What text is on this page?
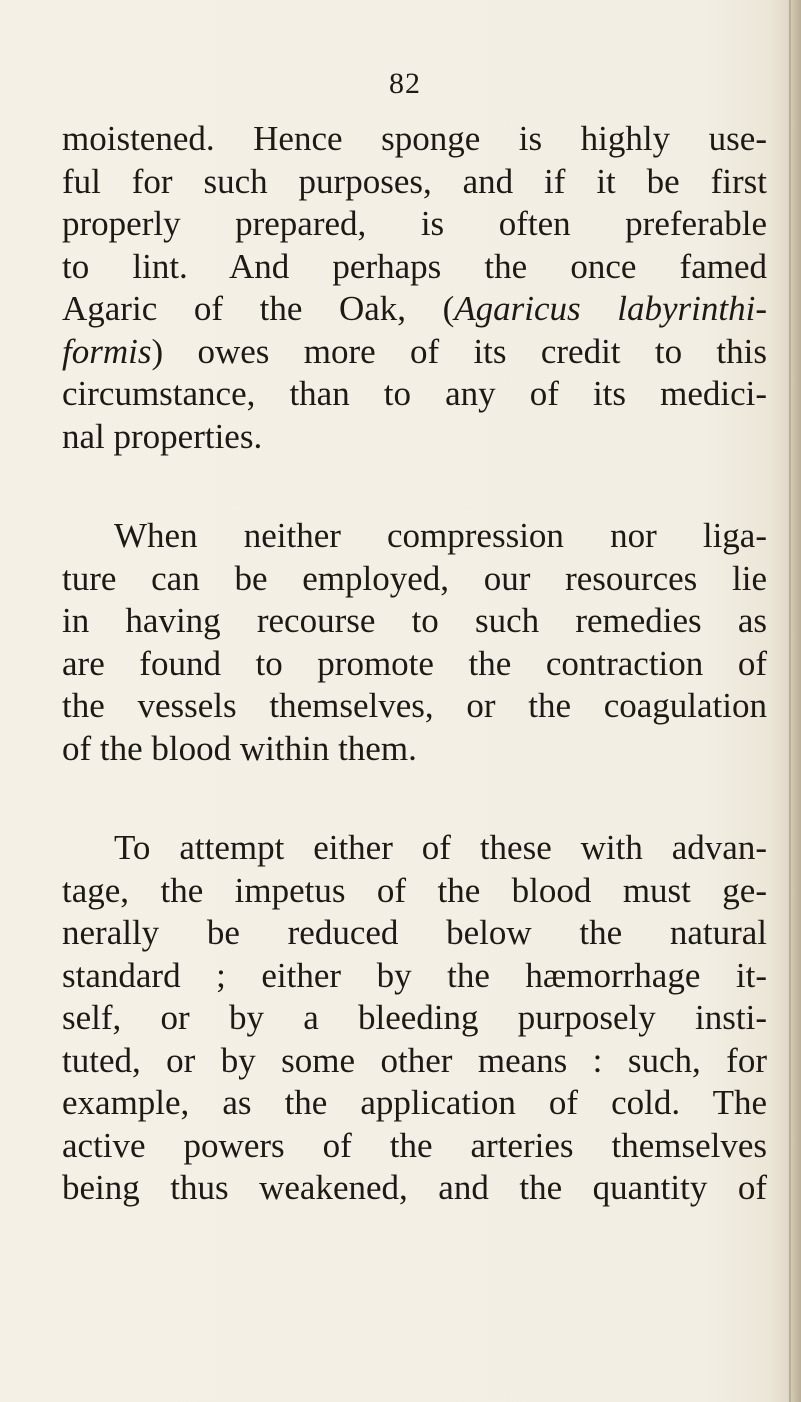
82
moistened. Hence sponge is highly use-
ful for such purposes, and if it be first
properly prepared, is often preferable
to lint. And perhaps the once famed
Agaric of the Oak, (Agaricus labyrinthi-
formis) owes more of its credit to this
circumstance, than to any of its medici-
nal properties.
When neither compression nor liga-
ture can be employed, our resources lie
in having recourse to such remedies as
are found to promote the contraction of
the vessels themselves, or the coagulation
of the blood within them.
To attempt either of these with advan-
tage, the impetus of the blood must ge-
nerally be reduced below the natural
standard ; either by the hæmorrhage it-
self, or by a bleeding purposely insti-
tuted, or by some other means : such, for
example, as the application of cold. The
active powers of the arteries themselves
being thus weakened, and the quantity of
